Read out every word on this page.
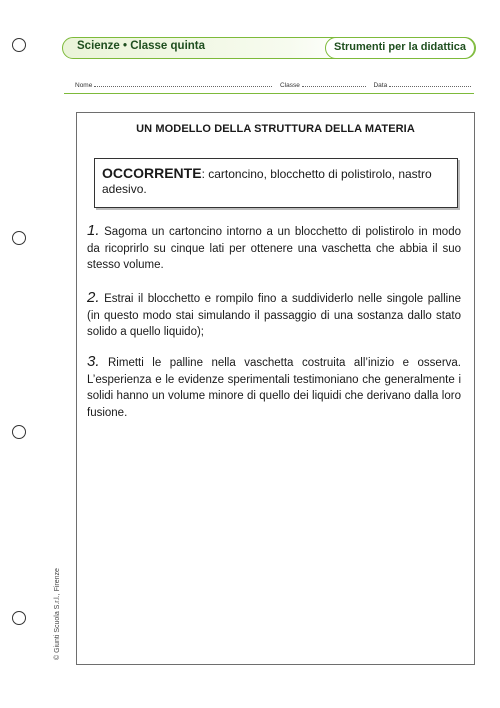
Scienze • Classe quinta	Strumenti per la didattica
Nome	Classe	Data
UN MODELLO DELLA STRUTTURA DELLA MATERIA
OCCORRENTE: cartoncino, blocchetto di polistirolo, nastro adesivo.
1. Sagoma un cartoncino intorno a un blocchetto di polistirolo in modo da ricoprirlo su cinque lati per ottenere una vaschetta che abbia il suo stesso volume.
2. Estrai il blocchetto e rompilo fino a suddividerlo nelle singole palline (in questo modo stai simulando il passaggio di una sostanza dallo stato solido a quello liquido);
3. Rimetti le palline nella vaschetta costruita all’inizio e osserva. L’esperienza e le evidenze sperimentali testimoniano che generalmente i solidi hanno un volume minore di quello dei liquidi che derivano dalla loro fusione.
© Giunti Scuola S.r.l., Firenze
